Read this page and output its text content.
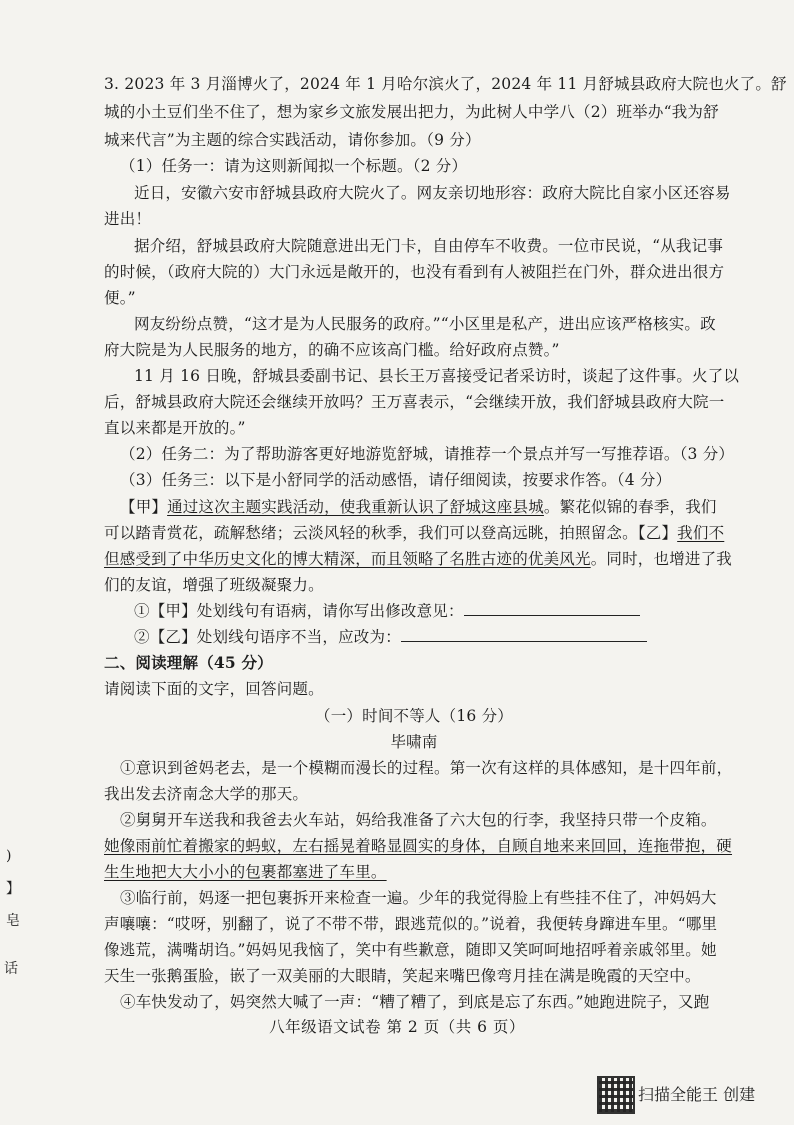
3. 2023 年 3 月淄博火了，2024 年 1 月哈尔滨火了，2024 年 11 月舒城县政府大院也火了。舒
城的小土豆们坐不住了，想为家乡文旅发展出把力，为此树人中学八（2）班举办“我为舒
城来代言”为主题的综合实践活动，请你参加。（9 分）
（1）任务一：请为这则新闻拟一个标题。（2 分）
近日，安徽六安市舒城县政府大院火了。网友亲切地形容：政府大院比自家小区还容易
进出！
据介绍，舒城县政府大院随意进出无门卡，自由停车不收费。一位市民说，“从我记事
的时候，（政府大院的）大门永远是敞开的，也没有看到有人被阻拦在门外，群众进出很方
便。”
网友纷纷点赞，“这才是为人民服务的政府。”“小区里是私产，进出应该严格核实。政
府大院是为人民服务的地方，的确不应该高门槛。给好政府点赞。”
11 月 16 日晚，舒城县委副书记、县长王万喜接受记者采访时，谈起了这件事。火了以
后，舒城县政府大院还会继续开放吗？王万喜表示，“会继续开放，我们舒城县政府大院一
直以来都是开放的。”
（2）任务二：为了帮助游客更好地游览舒城，请推荐一个景点并写一写推荐语。（3 分）
（3）任务三：以下是小舒同学的活动感悟，请仔细阅读，按要求作答。（4 分）
【甲】通过这次主题实践活动，使我重新认识了舒城这座县城。繁花似锦的春季，我们
可以踏青赏花，疏解愁绪；云淡风轻的秋季，我们可以登高远眺，拍照留念。【乙】我们不
但感受到了中华历史文化的博大精深，而且领略了名胜古迹的优美风光。同时，也增进了我
们的友谊，增强了班级凝聚力。
①【甲】处划线句有语病，请你写出修改意见：
②【乙】处划线句语序不当，应改为：
二、阅读理解（45 分）
请阅读下面的文字，回答问题。
（一）时间不等人（16 分）
毕啸南
①意识到爸妈老去，是一个模糊而漫长的过程。第一次有这样的具体感知，是十四年前，
我出发去济南念大学的那天。
②舅舅开车送我和我爸去火车站，妈给我准备了六大包的行李，我坚持只带一个皮箱。
她像雨前忙着搬家的蚂蚁，左右摇晃着略显圆实的身体，自顾自地来来回回，连拖带抱，硬
生生地把大大小小的包裹都塞进了车里。
③临行前，妈逐一把包裹拆开来检查一遍。少年的我觉得脸上有些挂不住了，冲妈妈大
声嚷嚷：“哎呀，别翻了，说了不带不带，跟逃荒似的。”说着，我便转身蹿进车里。“哪里
像逃荒，满嘴胡诌。”妈妈见我恼了，笑中有些歉意，随即又笑呵呵地招呼着亲戚邻里。她
天生一张鹅蛋脸，嵌了一双美丽的大眼睛，笑起来嘴巴像弯月挂在满是晚霞的天空中。
④车快发动了，妈突然大喊了一声：“糟了糟了，到底是忘了东西。”她跑进院子，又跑
)
】
皂
话
八年级语文试卷 第 2 页（共 6 页）
扫描全能王 创建
